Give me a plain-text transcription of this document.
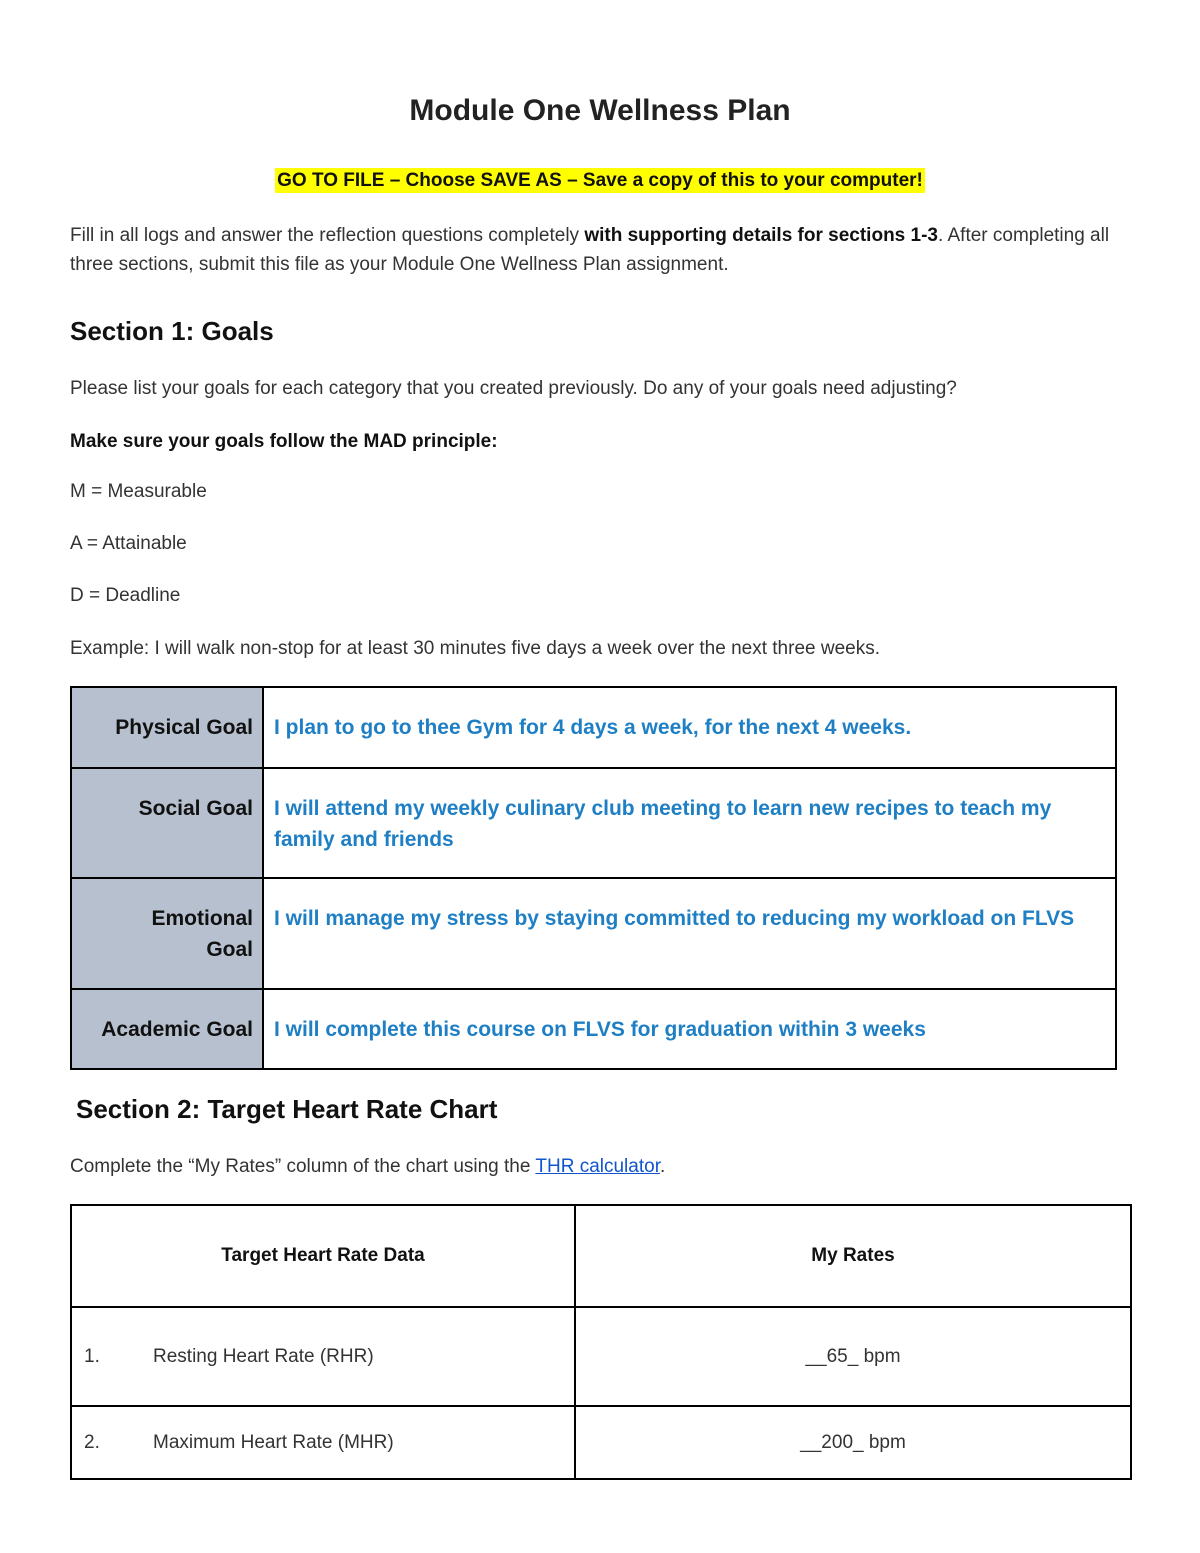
Module One Wellness Plan
GO TO FILE – Choose SAVE AS – Save a copy of this to your computer!

Fill in all logs and answer the reflection questions completely with supporting details for sections 1-3. After completing all three sections, submit this file as your Module One Wellness Plan assignment.

Section 1: Goals

Please list your goals for each category that you created previously. Do any of your goals need adjusting?

Make sure your goals follow the MAD principle:

M = Measurable

A = Attainable

D = Deadline

Example: I will walk non-stop for at least 30 minutes five days a week over the next three weeks.

Physical Goal	I plan to go to thee Gym for 4 days a week, for the next 4 weeks.
Social Goal	I will attend my weekly culinary club meeting to learn new recipes to teach my family and friends
Emotional Goal	I will manage my stress by staying committed to reducing my workload on FLVS
Academic Goal	I will complete this course on FLVS for graduation within 3 weeks
Section 2: Target Heart Rate Chart

Complete the “My Rates” column of the chart using the THR calculator.

Target Heart Rate Data	My Rates
1. Resting Heart Rate (RHR)	__65_ bpm
2. Maximum Heart Rate (MHR)	__200_ bpm
